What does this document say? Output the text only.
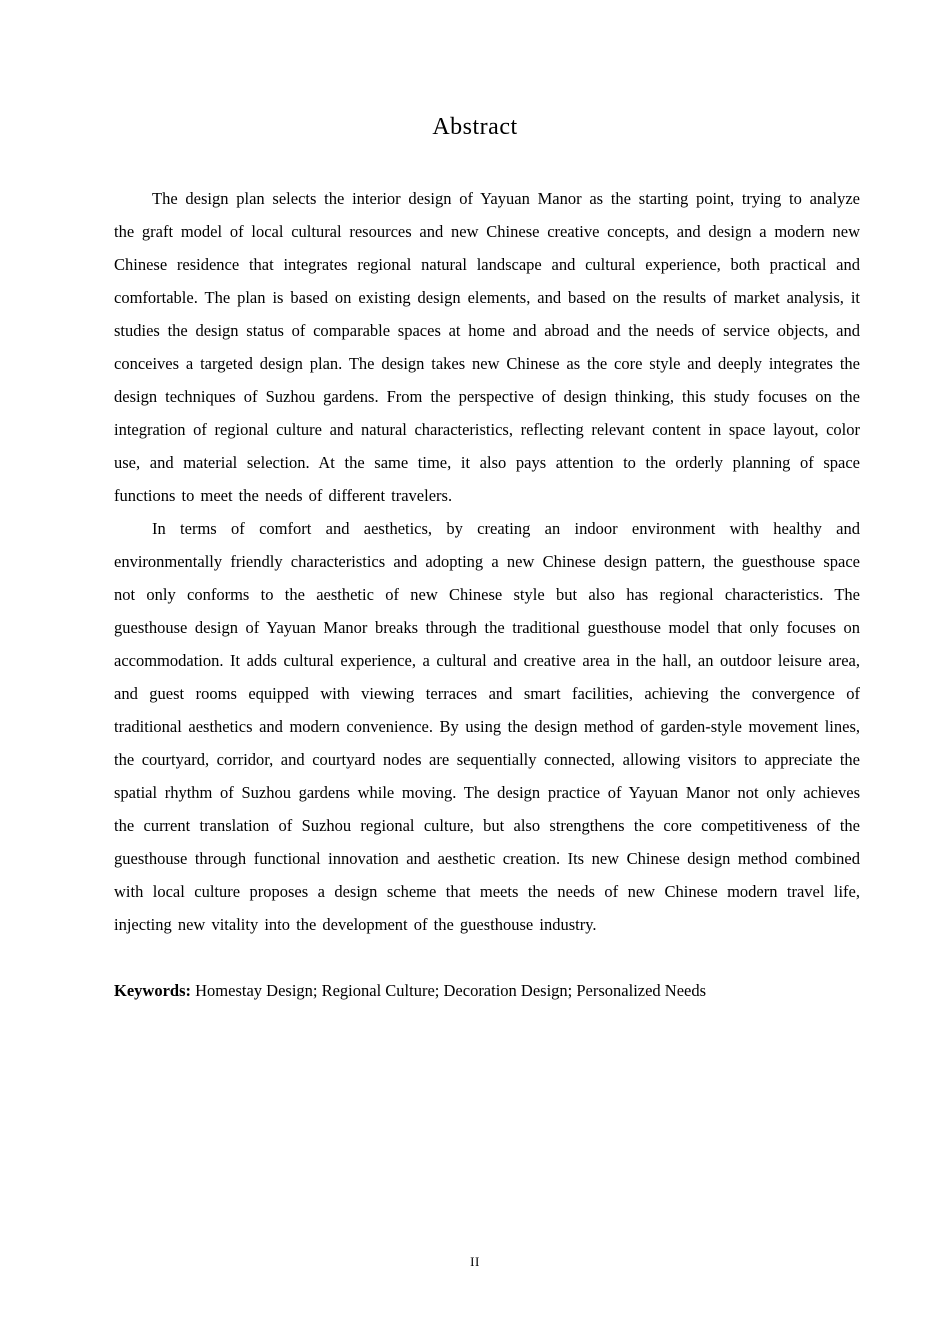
Abstract

The design plan selects the interior design of Yayuan Manor as the starting point, trying to analyze the graft model of local cultural resources and new Chinese creative concepts, and design a modern new Chinese residence that integrates regional natural landscape and cultural experience, both practical and comfortable. The plan is based on existing design elements, and based on the results of market analysis, it studies the design status of comparable spaces at home and abroad and the needs of service objects, and conceives a targeted design plan. The design takes new Chinese as the core style and deeply integrates the design techniques of Suzhou gardens. From the perspective of design thinking, this study focuses on the integration of regional culture and natural characteristics, reflecting relevant content in space layout, color use, and material selection. At the same time, it also pays attention to the orderly planning of space functions to meet the needs of different travelers.

In terms of comfort and aesthetics, by creating an indoor environment with healthy and environmentally friendly characteristics and adopting a new Chinese design pattern, the guesthouse space not only conforms to the aesthetic of new Chinese style but also has regional characteristics. The guesthouse design of Yayuan Manor breaks through the traditional guesthouse model that only focuses on accommodation. It adds cultural experience, a cultural and creative area in the hall, an outdoor leisure area, and guest rooms equipped with viewing terraces and smart facilities, achieving the convergence of traditional aesthetics and modern convenience. By using the design method of garden-style movement lines, the courtyard, corridor, and courtyard nodes are sequentially connected, allowing visitors to appreciate the spatial rhythm of Suzhou gardens while moving. The design practice of Yayuan Manor not only achieves the current translation of Suzhou regional culture, but also strengthens the core competitiveness of the guesthouse through functional innovation and aesthetic creation. Its new Chinese design method combined with local culture proposes a design scheme that meets the needs of new Chinese modern travel life, injecting new vitality into the development of the guesthouse industry.

Keywords: Homestay Design; Regional Culture; Decoration Design; Personalized Needs

II
